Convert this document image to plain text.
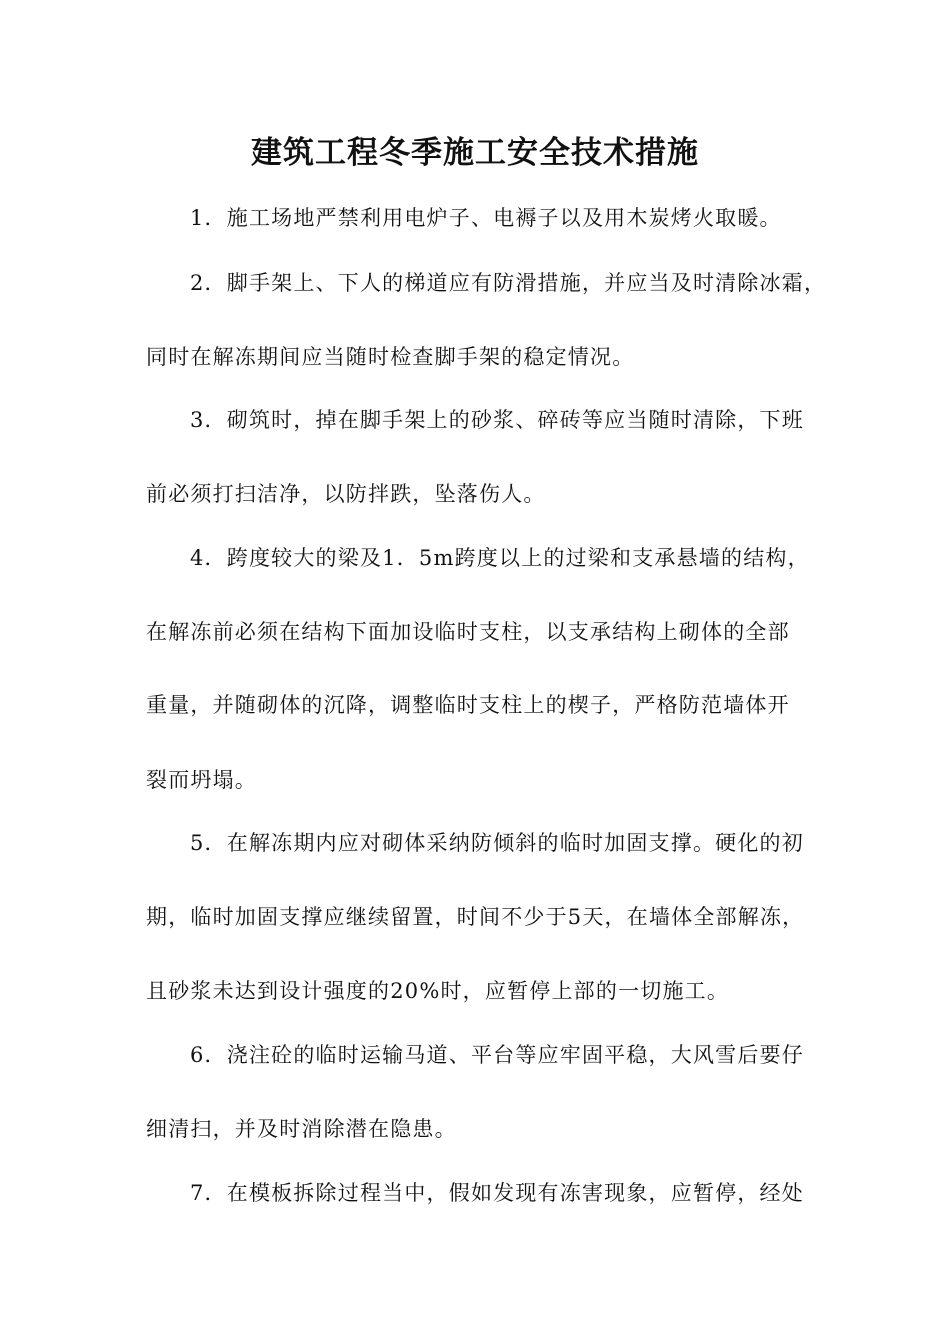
建筑工程冬季施工安全技术措施

1．施工场地严禁利用电炉子、电褥子以及用木炭烤火取暖。

2．脚手架上、下人的梯道应有防滑措施，并应当及时清除冰霜，

同时在解冻期间应当随时检查脚手架的稳定情况。

3．砌筑时，掉在脚手架上的砂浆、碎砖等应当随时清除，下班

前必须打扫洁净，以防拌跌，坠落伤人。

4．跨度较大的梁及1．5m跨度以上的过梁和支承悬墙的结构，

在解冻前必须在结构下面加设临时支柱，以支承结构上砌体的全部

重量，并随砌体的沉降，调整临时支柱上的楔子，严格防范墙体开

裂而坍塌。

5．在解冻期内应对砌体采纳防倾斜的临时加固支撑。硬化的初

期，临时加固支撑应继续留置，时间不少于5天，在墙体全部解冻，

且砂浆未达到设计强度的20%时，应暂停上部的一切施工。

6．浇注砼的临时运输马道、平台等应牢固平稳，大风雪后要仔

细清扫，并及时消除潜在隐患。

7．在模板拆除过程当中，假如发现有冻害现象，应暂停，经处
